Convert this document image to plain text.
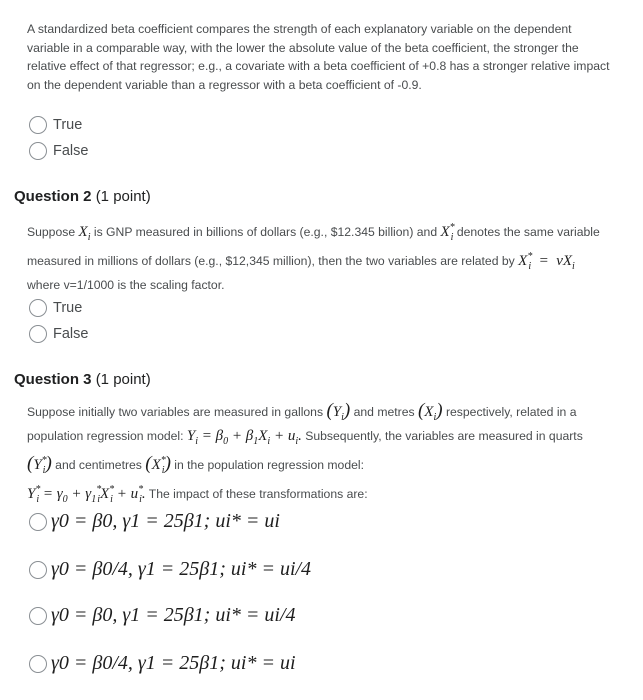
A standardized beta coefficient compares the strength of each explanatory variable on the dependent variable in a comparable way, with the lower the absolute value of the beta coefficient, the stronger the relative effect of that regressor; e.g., a covariate with a beta coefficient of +0.8 has a stronger relative impact on the dependent variable than a regressor with a beta coefficient of -0.9.
True
False
Question 2 (1 point)
Suppose $X_i$ is GNP measured in billions of dollars (e.g., $12.345 billion) and $X^*_i$ denotes the same variable measured in millions of dollars (e.g., $12,345 million), then the two variables are related by $X^*_i = vX_i$ where v=1/1000 is the scaling factor.
True
False
Question 3 (1 point)
Suppose initially two variables are measured in gallons $(Y_i)$ and metres $(X_i)$ respectively, related in a population regression model: $Y_i = \beta_0 + \beta_1X_i + u_i$. Subsequently, the variables are measured in quarts $(Y^*_i)$ and centimetres $(X^*_i)$ in the population regression model:
$Y^*_i = \gamma_0 + \gamma_1^*_iX^*_i + u^*_i$. The impact of these transformations are:
γ0 = β0, γ1 = 25β1; ui* = ui
γ0 = β0/4, γ1 = 25β1; ui* = ui/4
γ0 = β0, γ1 = 25β1; ui* = ui/4
γ0 = β0/4, γ1 = 25β1; ui* = ui
